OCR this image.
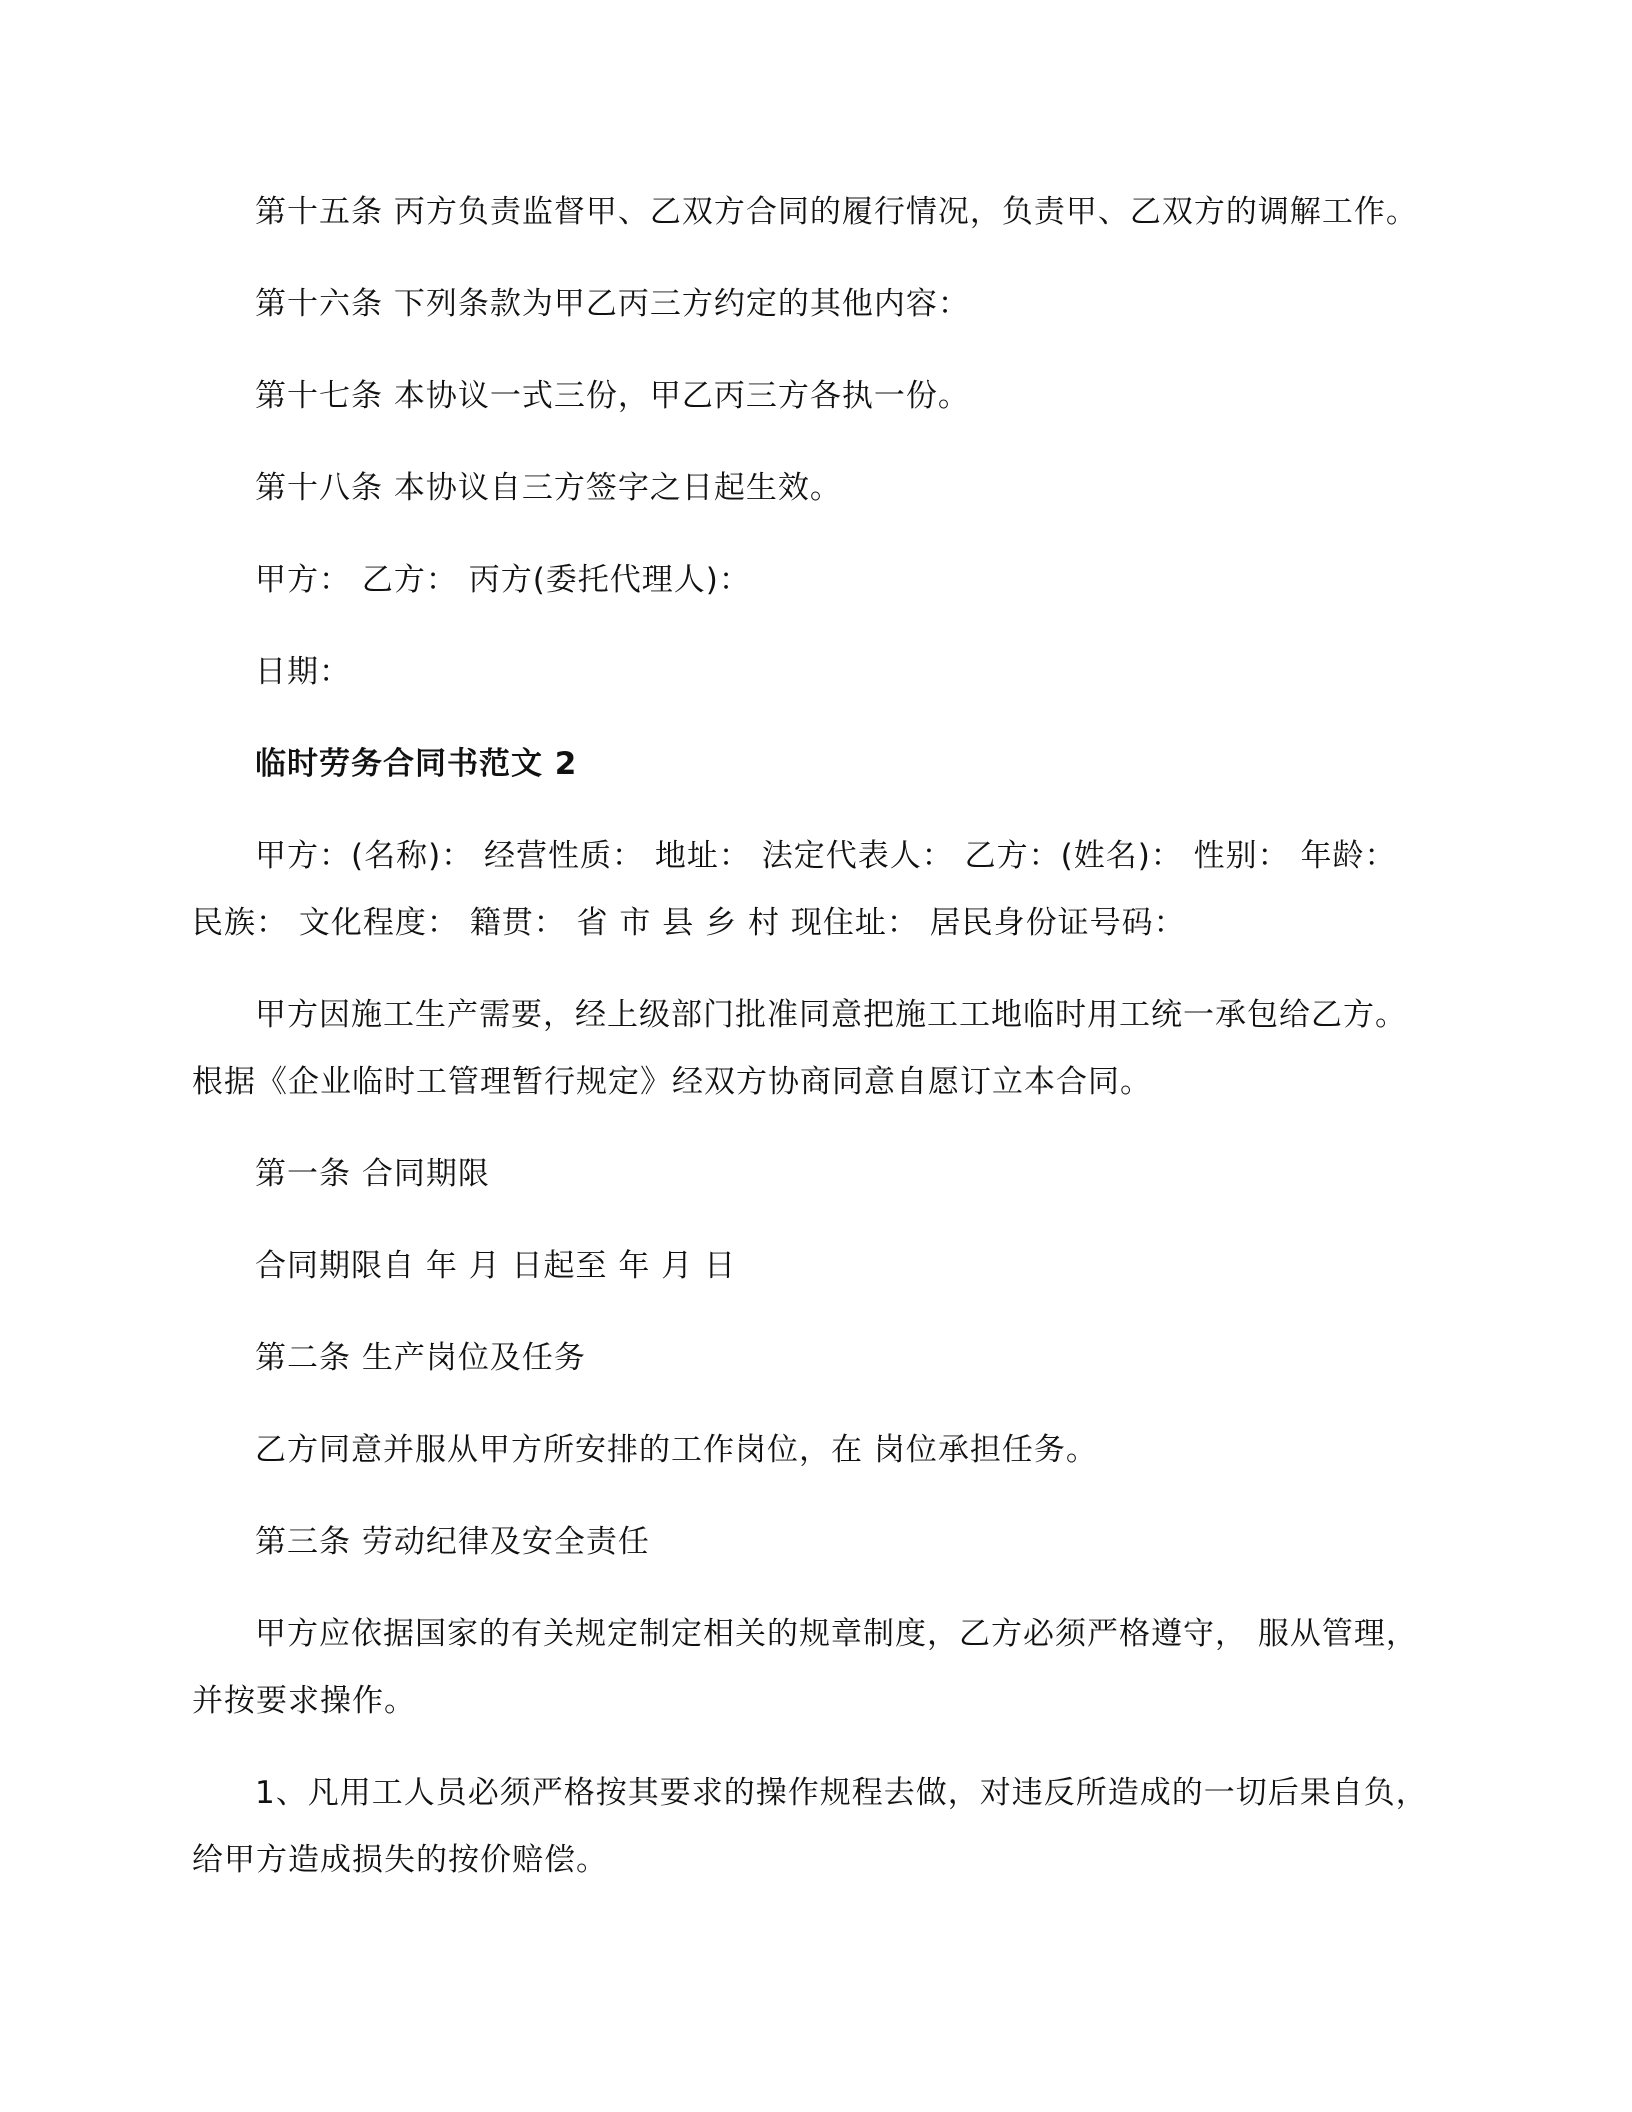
第十五条 丙方负责监督甲、乙双方合同的履行情况，负责甲、乙双方的调解工作。

第十六条 下列条款为甲乙丙三方约定的其他内容：

第十七条 本协议一式三份，甲乙丙三方各执一份。

第十八条 本协议自三方签字之日起生效。

甲方： 乙方： 丙方(委托代理人)：

日期：

临时劳务合同书范文 2

甲方：(名称)： 经营性质： 地址： 法定代表人： 乙方：(姓名)： 性别： 年龄：

民族： 文化程度： 籍贯： 省 市 县 乡 村 现住址： 居民身份证号码：

甲方因施工生产需要，经上级部门批准同意把施工工地临时用工统一承包给乙方。

根据《企业临时工管理暂行规定》经双方协商同意自愿订立本合同。

第一条 合同期限

合同期限自 年 月 日起至 年 月 日

第二条 生产岗位及任务

乙方同意并服从甲方所安排的工作岗位，在 岗位承担任务。

第三条 劳动纪律及安全责任

甲方应依据国家的有关规定制定相关的规章制度，乙方必须严格遵守， 服从管理，

并按要求操作。

1、凡用工人员必须严格按其要求的操作规程去做，对违反所造成的一切后果自负，

给甲方造成损失的按价赔偿。
